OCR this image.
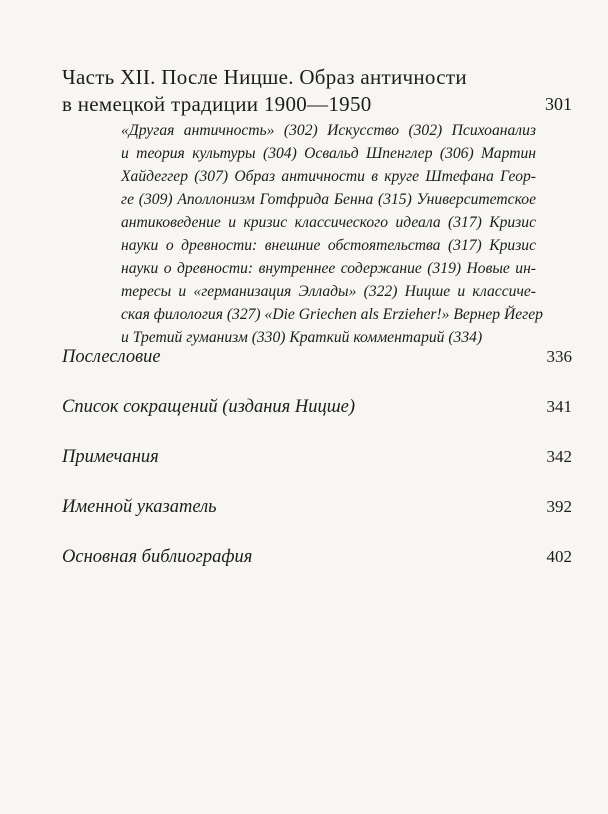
Часть XII. После Ницше. Образ античности
в немецкой традиции 1900—1950	301
«Другая античность» (302) Искусство (302) Психоанализ
и теория культуры (304) Освальд Шпенглер (306) Мартин
Хайдеггер (307) Образ античности в круге Штефана Геор-
ге (309) Аполлонизм Готфрида Бенна (315) Университетское
антиковедение и кризис классического идеала (317) Кризис
науки о древности: внешние обстоятельства (317) Кризис
науки о древности: внутреннее содержание (319) Новые ин-
тересы и «германизация Эллады» (322) Ницше и классиче-
ская филология (327) «Die Griechen als Erzieher!» Вернер Йегер
и Третий гуманизм (330) Краткий комментарий (334)
Послесловие	336
Список сокращений (издания Ницше)	341
Примечания	342
Именной указатель	392
Основная библиография	402
